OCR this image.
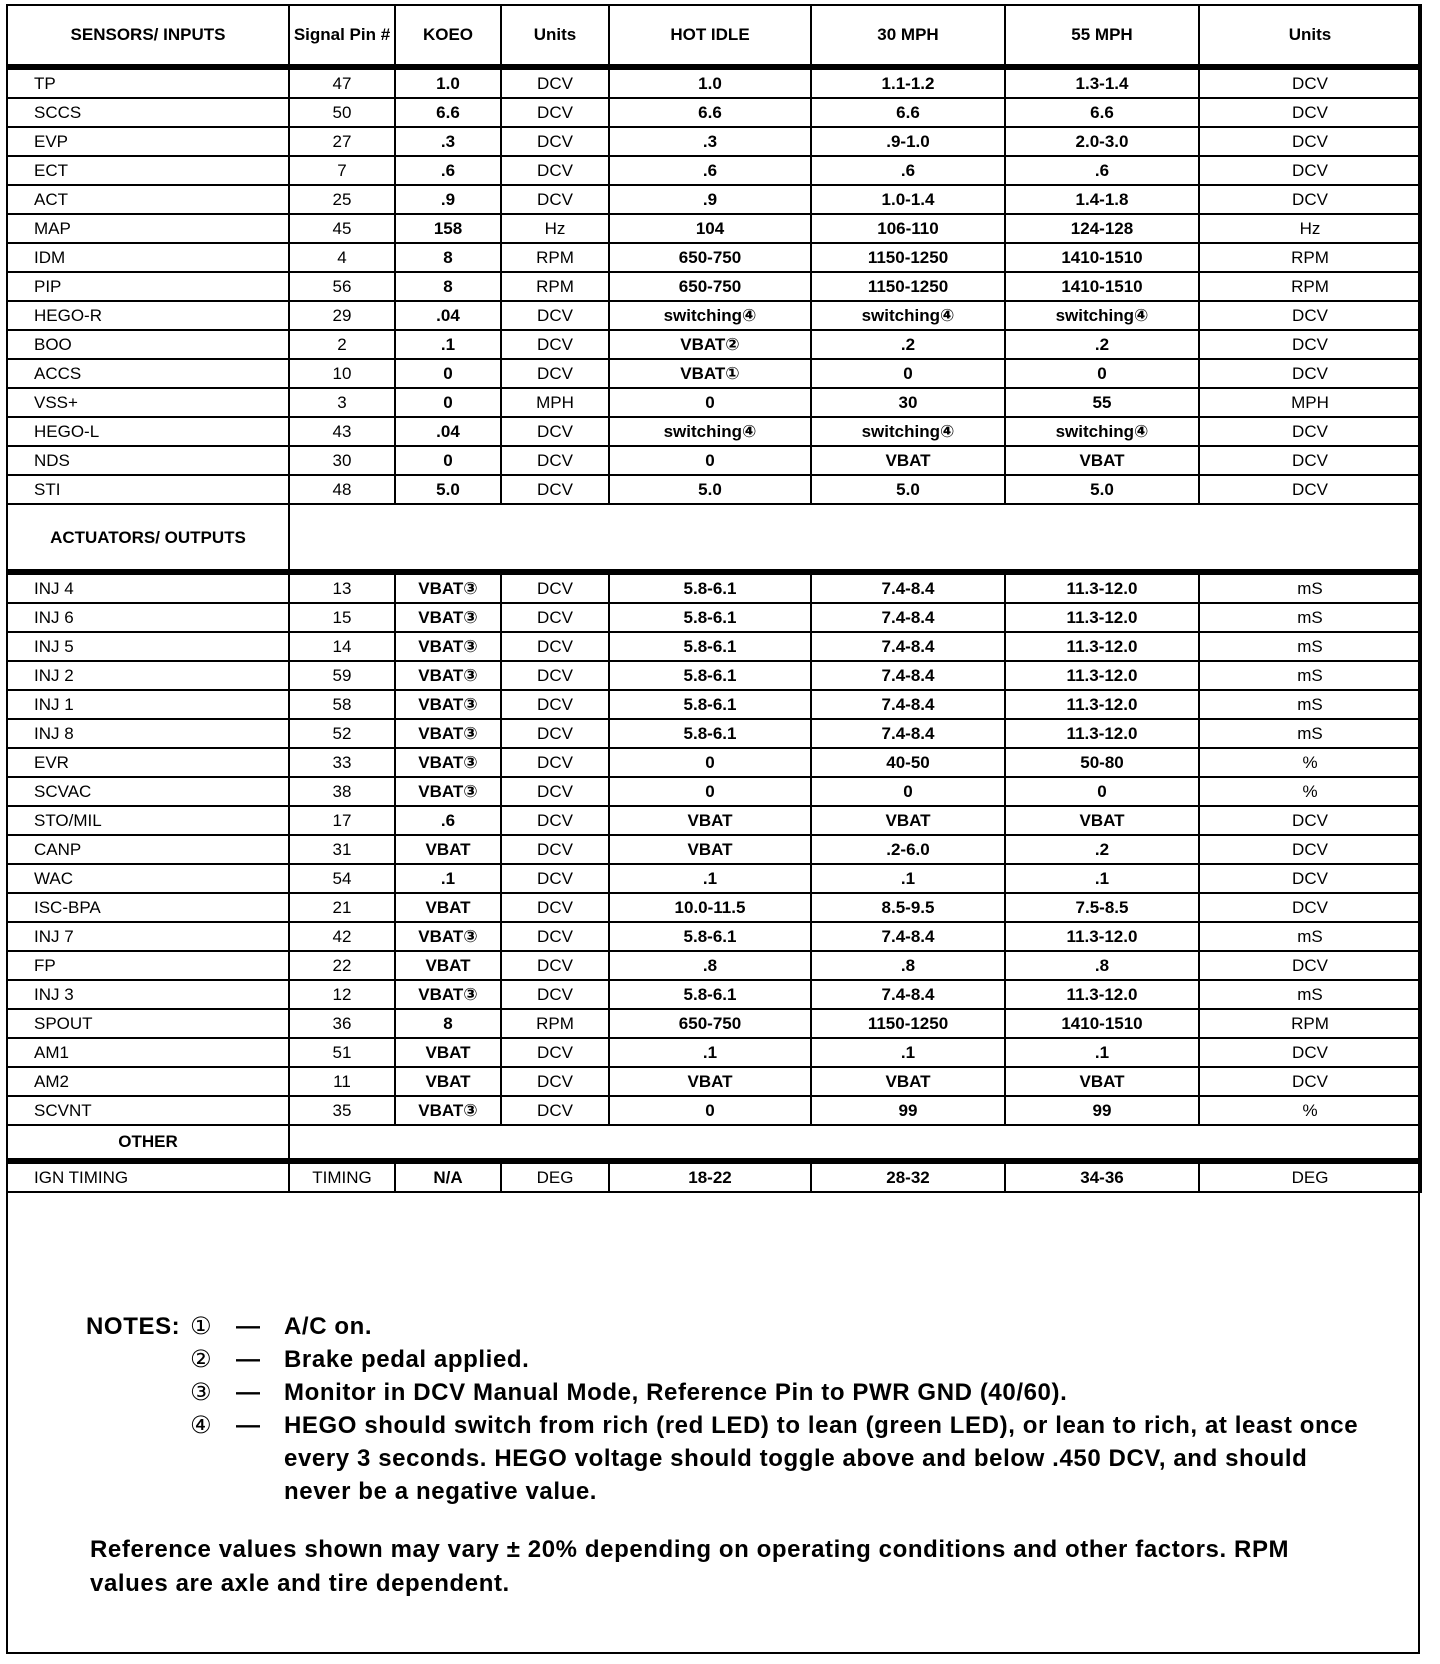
SENSORS/ INPUTS	Signal Pin #	KOEO	Units	HOT IDLE	30 MPH	55 MPH	Units
TP	47	1.0	DCV	1.0	1.1-1.2	1.3-1.4	DCV
SCCS	50	6.6	DCV	6.6	6.6	6.6	DCV
EVP	27	.3	DCV	.3	.9-1.0	2.0-3.0	DCV
ECT	7	.6	DCV	.6	.6	.6	DCV
ACT	25	.9	DCV	.9	1.0-1.4	1.4-1.8	DCV
MAP	45	158	Hz	104	106-110	124-128	Hz
IDM	4	8	RPM	650-750	1150-1250	1410-1510	RPM
PIP	56	8	RPM	650-750	1150-1250	1410-1510	RPM
HEGO-R	29	.04	DCV	switching④	switching④	switching④	DCV
BOO	2	.1	DCV	VBAT②	.2	.2	DCV
ACCS	10	0	DCV	VBAT①	0	0	DCV
VSS+	3	0	MPH	0	30	55	MPH
HEGO-L	43	.04	DCV	switching④	switching④	switching④	DCV
NDS	30	0	DCV	0	VBAT	VBAT	DCV
STI	48	5.0	DCV	5.0	5.0	5.0	DCV
ACTUATORS/ OUTPUTS							
INJ 4	13	VBAT③	DCV	5.8-6.1	7.4-8.4	11.3-12.0	mS
INJ 6	15	VBAT③	DCV	5.8-6.1	7.4-8.4	11.3-12.0	mS
INJ 5	14	VBAT③	DCV	5.8-6.1	7.4-8.4	11.3-12.0	mS
INJ 2	59	VBAT③	DCV	5.8-6.1	7.4-8.4	11.3-12.0	mS
INJ 1	58	VBAT③	DCV	5.8-6.1	7.4-8.4	11.3-12.0	mS
INJ 8	52	VBAT③	DCV	5.8-6.1	7.4-8.4	11.3-12.0	mS
EVR	33	VBAT③	DCV	0	40-50	50-80	%
SCVAC	38	VBAT③	DCV	0	0	0	%
STO/MIL	17	.6	DCV	VBAT	VBAT	VBAT	DCV
CANP	31	VBAT	DCV	VBAT	.2-6.0	.2	DCV
WAC	54	.1	DCV	.1	.1	.1	DCV
ISC-BPA	21	VBAT	DCV	10.0-11.5	8.5-9.5	7.5-8.5	DCV
INJ 7	42	VBAT③	DCV	5.8-6.1	7.4-8.4	11.3-12.0	mS
FP	22	VBAT	DCV	.8	.8	.8	DCV
INJ 3	12	VBAT③	DCV	5.8-6.1	7.4-8.4	11.3-12.0	mS
SPOUT	36	8	RPM	650-750	1150-1250	1410-1510	RPM
AM1	51	VBAT	DCV	.1	.1	.1	DCV
AM2	11	VBAT	DCV	VBAT	VBAT	VBAT	DCV
SCVNT	35	VBAT③	DCV	0	99	99	%
OTHER							
IGN TIMING	TIMING	N/A	DEG	18-22	28-32	34-36	DEG
NOTES: ① — A/C on.
② — Brake pedal applied.
③ — Monitor in DCV Manual Mode, Reference Pin to PWR GND (40/60).
④ — HEGO should switch from rich (red LED) to lean (green LED), or lean to rich, at least once every 3 seconds. HEGO voltage should toggle above and below .450 DCV, and should never be a negative value.
Reference values shown may vary ± 20% depending on operating conditions and other factors. RPM values are axle and tire dependent.
